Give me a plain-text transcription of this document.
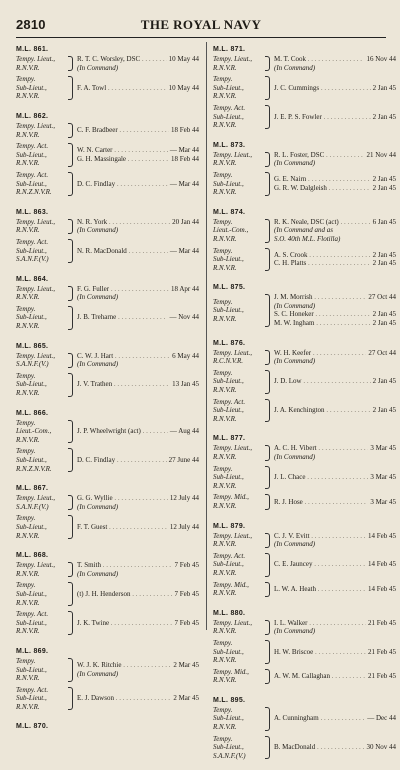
2810	THE ROYAL NAVY
M.L. 861.
Tempy. Lieut.,
R.N.V.R.
R. T. C. Worsley, DSC . . .	10 May 44
(In Command)
Tempy.
Sub-Lieut.,
R.N.V.R.
F. A. Towl . . .	10 May 44
M.L. 862.
Tempy. Lieut.,
R.N.V.R.
C. F. Bradbeer . . .	18 Feb 44
Tempy. Act.
Sub-Lieut.,
R.N.V.R.
W. N. Carter . . .	— Mar 44
G. H. Massingale . . .	18 Feb 44
Tempy. Act.
Sub-Lieut.,
R.N.Z.N.V.R.
D. C. Findlay . . .	— Mar 44
M.L. 863.
Tempy. Lieut.,
R.N.V.R.
N. R. York . . .	20 Jan 44
(In Command)
Tempy. Act.
Sub-Lieut.,
S.A.N.F.(V.)
N. R. MacDonald . . .	— Mar 44
M.L. 864.
Tempy. Lieut.,
R.N.V.R.
F. G. Fuller . . .	18 Apr 44
(In Command)
Tempy.
Sub-Lieut.,
R.N.V.R.
J. B. Treharne . . .	— Nov 44
M.L. 865.
Tempy. Lieut.,
S.A.N.F.(V.)
C. W. J. Hart . . .	6 May 44
(In Command)
Tempy.
Sub-Lieut.,
R.N.V.R.
J. V. Trathen . . .	13 Jan 45
M.L. 866.
Tempy.
Lieut.-Com.,
R.N.V.R.
J. P. Wheelwright (act) . . .	— Aug 44
Tempy.
Sub-Lieut.,
R.N.Z.N.V.R.
D. C. Findlay . . .	27 June 44
M.L. 867.
Tempy. Lieut.,
S.A.N.F.(V.)
G. G. Wyllie . . .	12 July 44
(In Command)
Tempy.
Sub-Lieut.,
R.N.V.R.
F. T. Guest . . .	12 July 44
M.L. 868.
Tempy. Lieut.,
R.N.V.R.
T. Smith . . .	7 Feb 45
(In Command)
Tempy.
Sub-Lieut.,
R.N.V.R.
(t) J. H. Henderson . . .	7 Feb 45
Tempy. Act.
Sub-Lieut.,
R.N.V.R.
J. K. Twine . . .	7 Feb 45
M.L. 869.
Tempy.
Sub-Lieut.,
R.N.V.R.
W. J. K. Ritchie . . .	2 Mar 45
(In Command)
Tempy. Act.
Sub-Lieut.,
R.N.V.R.
E. J. Dawson . . .	2 Mar 45
M.L. 870.
M.L. 871.
Tempy. Lieut.,
R.N.V.R.
M. T. Cook . . .	16 Nov 44
(In Command)
Tempy.
Sub-Lieut.,
R.N.V.R.
J. C. Cummings . . .	2 Jan 45
Tempy. Act.
Sub-Lieut.,
R.N.V.R.
J. E. P. S. Fowler . . .	2 Jan 45
M.L. 873.
Tempy. Lieut.,
R.N.V.R.
R. L. Foster, DSC . . .	21 Nov 44
(In Command)
Tempy.
Sub-Lieut.,
R.N.V.R.
G. E. Nairn . . .	2 Jan 45
G. R. W. Dalgleish . . .	2 Jan 45
M.L. 874.
Tempy.
Lieut.-Com.,
R.N.V.R.
R. K. Neale, DSC (act) . . .	6 Jan 45
(In Command and as
S.O. 40th M.L. Flotilla)
Tempy.
Sub-Lieut.,
R.N.V.R.
A. S. Crook . . .	2 Jan 45
C. H. Platts . . .	2 Jan 45
M.L. 875.
Tempy.
Sub-Lieut.,
R.N.V.R.
J. M. Morrish . . .	27 Oct 44
(In Command)
S. C. Honeker . . .	2 Jan 45
M. W. Ingham . . .	2 Jan 45
M.L. 876.
Tempy. Lieut.,
R.C.N.V.R.
W. H. Keefer . . .	27 Oct 44
(In Command)
Tempy.
Sub-Lieut.,
R.N.V.R.
J. D. Low . . .	2 Jan 45
Tempy. Act.
Sub-Lieut.,
R.N.V.R.
J. A. Kenchington . . .	2 Jan 45
M.L. 877.
Tempy. Lieut.,
R.N.V.R.
A. C. H. Vibert . . .	3 Mar 45
(In Command)
Tempy.
Sub-Lieut.,
R.N.V.R.
J. L. Chace . . .	3 Mar 45
Tempy. Mid.,
R.N.V.R.
R. J. Hose . . .	3 Mar 45
M.L. 879.
Tempy. Lieut.,
R.N.V.R.
C. J. V. Evitt . . .	14 Feb 45
(In Command)
Tempy. Act.
Sub-Lieut.,
R.N.V.R.
C. E. Jauncey . . .	14 Feb 45
Tempy. Mid.,
R.N.V.R.
L. W. A. Heath . . .	14 Feb 45
M.L. 880.
Tempy. Lieut.,
R.N.V.R.
I. L. Walker . . .	21 Feb 45
(In Command)
Tempy.
Sub-Lieut.,
R.N.V.R.
H. W. Briscoe . . .	21 Feb 45
Tempy. Mid.,
R.N.V.R.
A. W. M. Callaghan . . .	21 Feb 45
M.L. 895.
Tempy.
Sub-Lieut.,
R.N.V.R.
A. Cunningham . . .	— Dec 44
Tempy.
Sub-Lieut.,
S.A.N.F.(V.)
B. MacDonald . . .	30 Nov 44
